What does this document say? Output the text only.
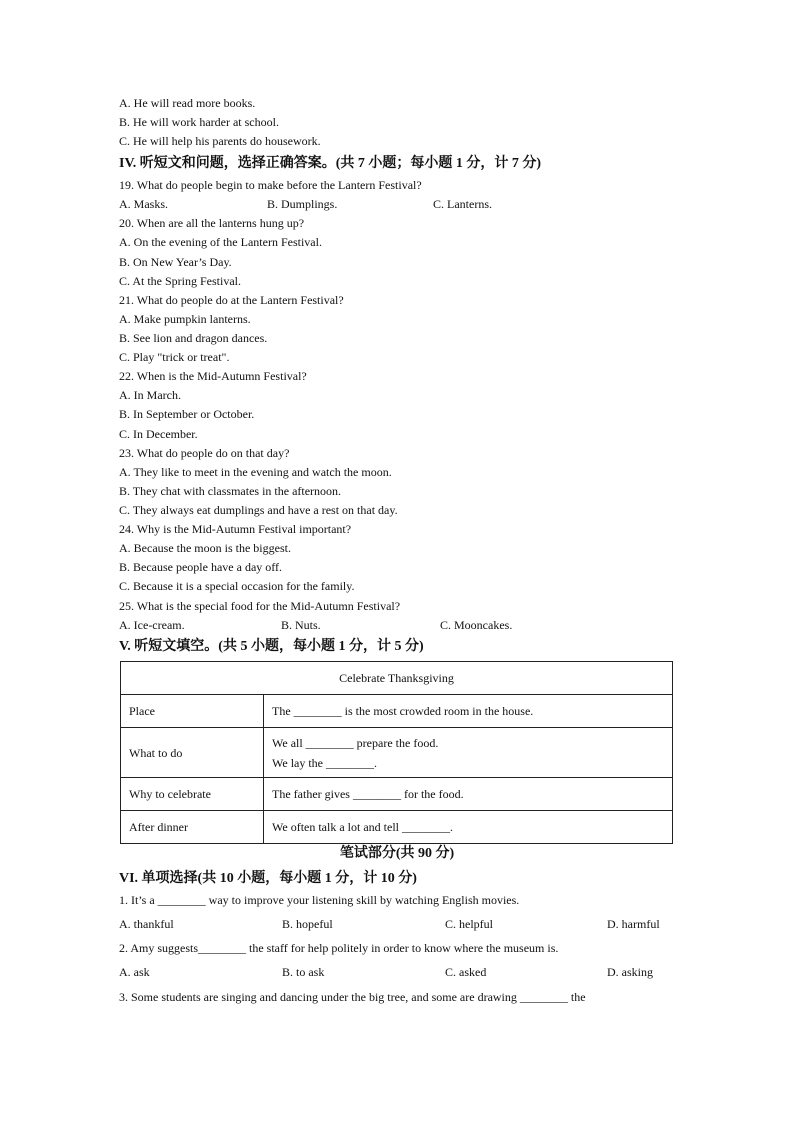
A. He will read more books.
B. He will work harder at school.
C. He will help his parents do housework.
IV. 听短文和问题，选择正确答案。(共 7 小题；每小题 1 分，计 7 分)
19. What do people begin to make before the Lantern Festival?
A. Masks.	B. Dumplings.	C. Lanterns.
20. When are all the lanterns hung up?
A. On the evening of the Lantern Festival.
B. On New Year’s Day.
C. At the Spring Festival.
21. What do people do at the Lantern Festival?
A. Make pumpkin lanterns.
B. See lion and dragon dances.
C. Play "trick or treat".
22. When is the Mid-Autumn Festival?
A. In March.
B. In September or October.
C. In December.
23. What do people do on that day?
A. They like to meet in the evening and watch the moon.
B. They chat with classmates in the afternoon.
C. They always eat dumplings and have a rest on that day.
24. Why is the Mid-Autumn Festival important?
A. Because the moon is the biggest.
B. Because people have a day off.
C. Because it is a special occasion for the family.
25. What is the special food for the Mid-Autumn Festival?
A. Ice-cream.	B. Nuts.	C. Mooncakes.
V. 听短文填空。(共 5 小题，每小题 1 分，计 5 分)
Celebrate Thanksgiving	
Place	The ________ is the most crowded room in the house.
What to do	We all ________ prepare the food.
We lay the ________.

Why to celebrate	The father gives ________ for the food.
After dinner	We often talk a lot and tell ________.
笔试部分(共 90 分)
VI. 单项选择(共 10 小题，每小题 1 分，计 10 分)
1. It’s a ________ way to improve your listening skill by watching English movies.
A. thankful	B. hopeful	C. helpful	D. harmful
2. Amy suggests________ the staff for help politely in order to know where the museum is.
A. ask	B. to ask	C. asked	D. asking
3. Some students are singing and dancing under the big tree, and some are drawing ________ the
